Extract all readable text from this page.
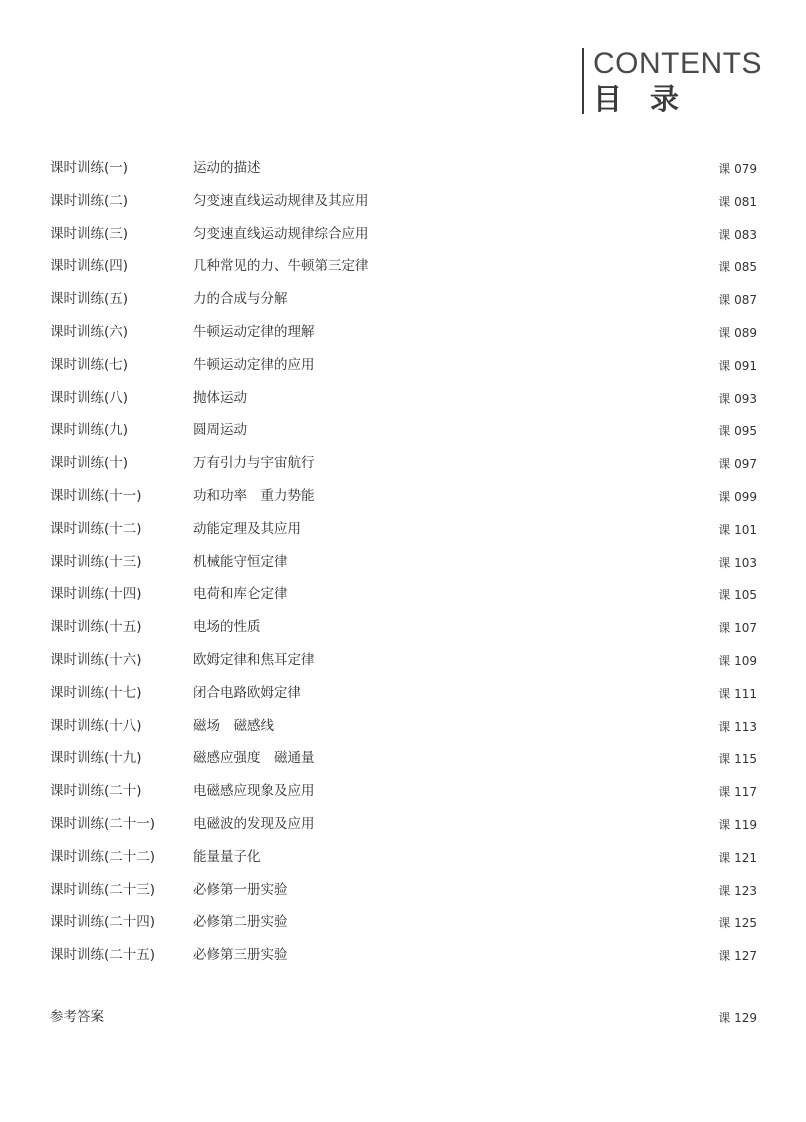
CONTENTS
目录
课时训练(一)	运动的描述	课 079
课时训练(二)	匀变速直线运动规律及其应用	课 081
课时训练(三)	匀变速直线运动规律综合应用	课 083
课时训练(四)	几种常见的力、牛顿第三定律	课 085
课时训练(五)	力的合成与分解	课 087
课时训练(六)	牛顿运动定律的理解	课 089
课时训练(七)	牛顿运动定律的应用	课 091
课时训练(八)	抛体运动	课 093
课时训练(九)	圆周运动	课 095
课时训练(十)	万有引力与宇宙航行	课 097
课时训练(十一)	功和功率　重力势能	课 099
课时训练(十二)	动能定理及其应用	课 101
课时训练(十三)	机械能守恒定律	课 103
课时训练(十四)	电荷和库仑定律	课 105
课时训练(十五)	电场的性质	课 107
课时训练(十六)	欧姆定律和焦耳定律	课 109
课时训练(十七)	闭合电路欧姆定律	课 111
课时训练(十八)	磁场　磁感线	课 113
课时训练(十九)	磁感应强度　磁通量	课 115
课时训练(二十)	电磁感应现象及应用	课 117
课时训练(二十一)	电磁波的发现及应用	课 119
课时训练(二十二)	能量量子化	课 121
课时训练(二十三)	必修第一册实验	课 123
课时训练(二十四)	必修第二册实验	课 125
课时训练(二十五)	必修第三册实验	课 127
参考答案	课 129
